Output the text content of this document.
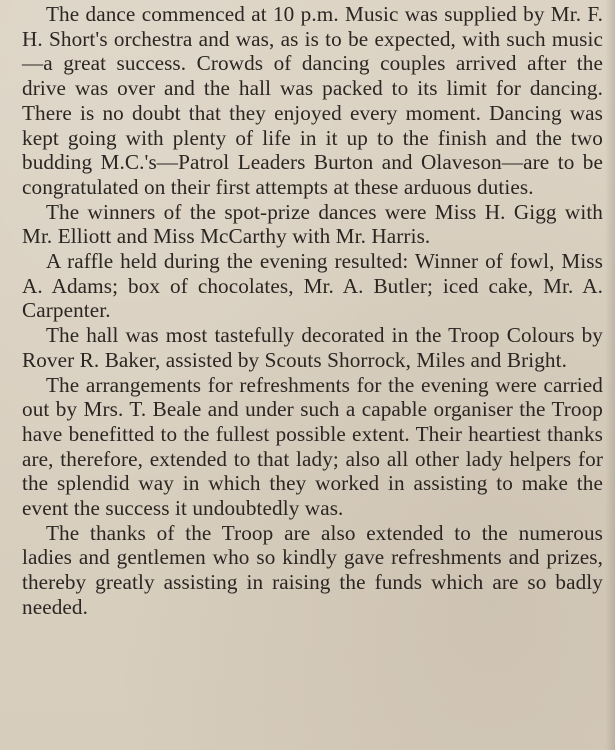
The dance commenced at 10 p.m. Music was supplied by Mr. F. H. Short's orchestra and was, as is to be expected, with such music—a great success. Crowds of dancing couples arrived after the drive was over and the hall was packed to its limit for dancing. There is no doubt that they enjoyed every moment. Dancing was kept going with plenty of life in it up to the finish and the two budding M.C.'s—Patrol Leaders Burton and Olaveson—are to be congratulated on their first attempts at these arduous duties.

The winners of the spot-prize dances were Miss H. Gigg with Mr. Elliott and Miss McCarthy with Mr. Harris.

A raffle held during the evening resulted: Winner of fowl, Miss A. Adams; box of chocolates, Mr. A. Butler; iced cake, Mr. A. Carpenter.

The hall was most tastefully decorated in the Troop Colours by Rover R. Baker, assisted by Scouts Shorrock, Miles and Bright.

The arrangements for refreshments for the evening were carried out by Mrs. T. Beale and under such a capable organiser the Troop have benefitted to the fullest possible extent. Their heartiest thanks are, therefore, extended to that lady; also all other lady helpers for the splendid way in which they worked in assisting to make the event the success it undoubtedly was.

The thanks of the Troop are also extended to the numerous ladies and gentlemen who so kindly gave refreshments and prizes, thereby greatly assisting in raising the funds which are so badly needed.
